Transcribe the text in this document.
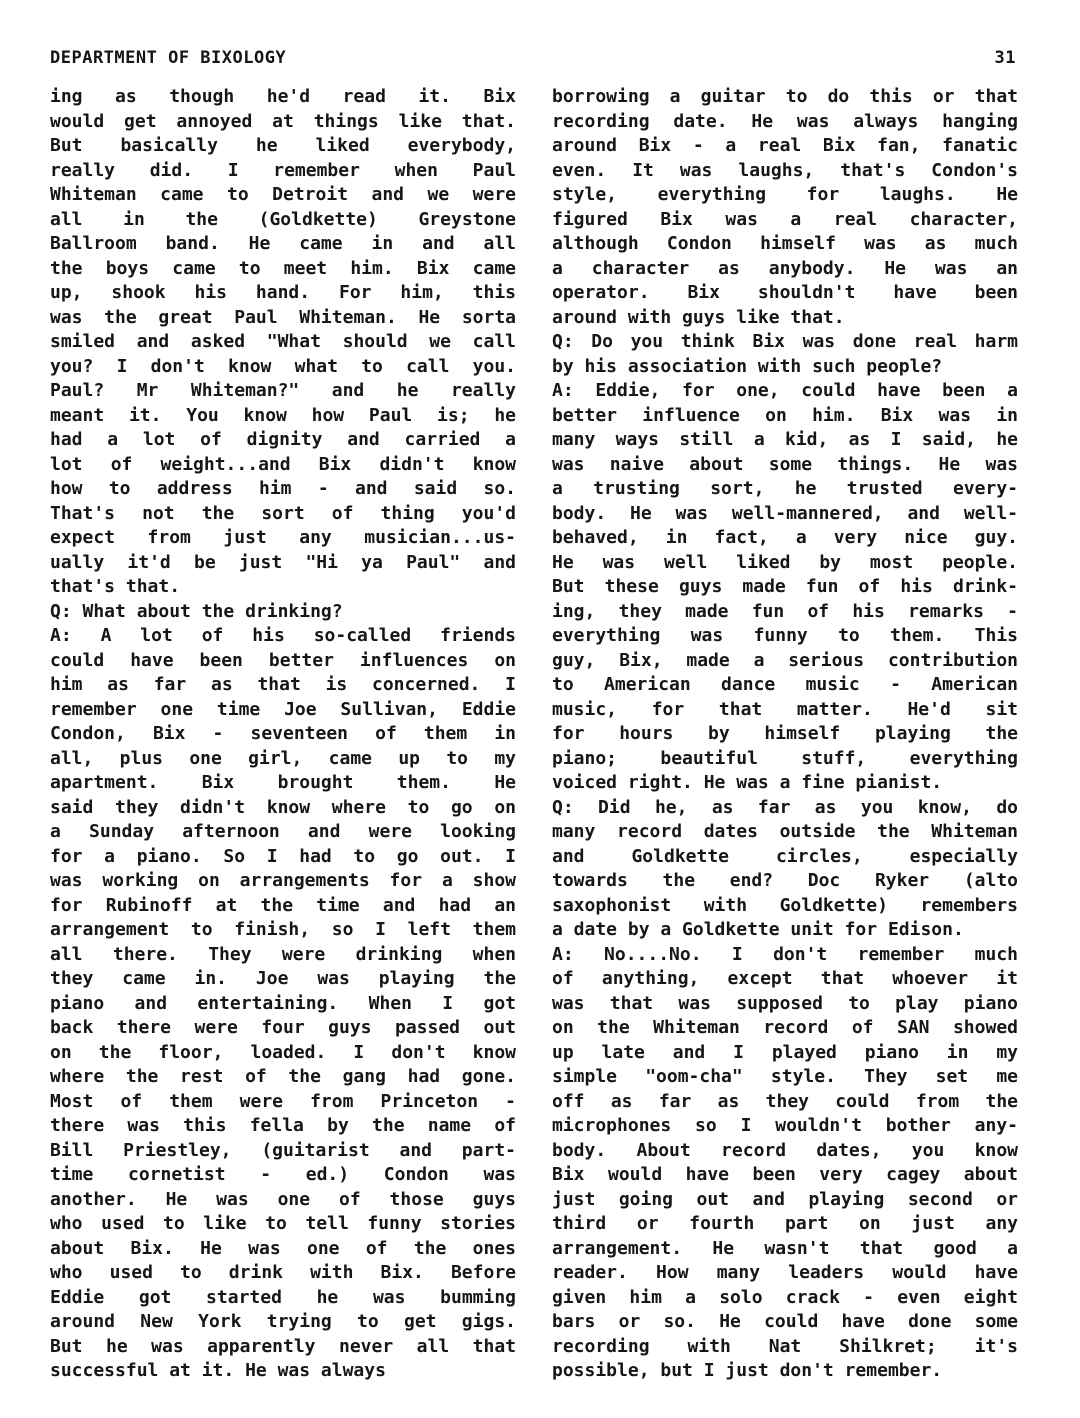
DEPARTMENT OF BIXOLOGY	31
ing as though he'd read it. Bix
would get annoyed at things like that.
But basically he liked everybody,
really did. I remember when Paul
Whiteman came to Detroit and we were
all in the (Goldkette) Greystone
Ballroom band. He came in and all
the boys came to meet him. Bix came
up, shook his hand. For him, this
was the great Paul Whiteman. He sorta
smiled and asked "What should we call
you? I don't know what to call you.
Paul? Mr Whiteman?" and he really
meant it. You know how Paul is; he
had a lot of dignity and carried a
lot of weight...and Bix didn't know
how to address him - and said so.
That's not the sort of thing you'd
expect from just any musician...us-
ually it'd be just "Hi ya Paul" and
that's that.
Q: What about the drinking?
A: A lot of his so-called friends
could have been better influences on
him as far as that is concerned. I
remember one time Joe Sullivan, Eddie
Condon, Bix - seventeen of them in
all, plus one girl, came up to my
apartment. Bix brought them. He
said they didn't know where to go on
a Sunday afternoon and were looking
for a piano. So I had to go out. I
was working on arrangements for a show
for Rubinoff at the time and had an
arrangement to finish, so I left them
all there. They were drinking when
they came in. Joe was playing the
piano and entertaining. When I got
back there were four guys passed out
on the floor, loaded. I don't know
where the rest of the gang had gone.
Most of them were from Princeton -
there was this fella by the name of
Bill Priestley, (guitarist and part-
time cornetist - ed.) Condon was
another. He was one of those guys
who used to like to tell funny stories
about Bix. He was one of the ones
who used to drink with Bix. Before
Eddie got started he was bumming
around New York trying to get gigs.
But he was apparently never all that
successful at it. He was always
borrowing a guitar to do this or that
recording date. He was always hanging
around Bix - a real Bix fan, fanatic
even. It was laughs, that's Condon's
style, everything for laughs. He
figured Bix was a real character,
although Condon himself was as much
a character as anybody. He was an
operator. Bix shouldn't have been
around with guys like that.
Q: Do you think Bix was done real harm
by his association with such people?
A: Eddie, for one, could have been a
better influence on him. Bix was in
many ways still a kid, as I said, he
was naive about some things. He was
a trusting sort, he trusted every-
body. He was well-mannered, and well-
behaved, in fact, a very nice guy.
He was well liked by most people.
But these guys made fun of his drink-
ing, they made fun of his remarks -
everything was funny to them. This
guy, Bix, made a serious contribution
to American dance music - American
music, for that matter. He'd sit
for hours by himself playing the
piano; beautiful stuff, everything
voiced right. He was a fine pianist.
Q: Did he, as far as you know, do
many record dates outside the Whiteman
and Goldkette circles, especially
towards the end? Doc Ryker (alto
saxophonist with Goldkette) remembers
a date by a Goldkette unit for Edison.
A: No....No. I don't remember much
of anything, except that whoever it
was that was supposed to play piano
on the Whiteman record of SAN showed
up late and I played piano in my
simple "oom-cha" style. They set me
off as far as they could from the
microphones so I wouldn't bother any-
body. About record dates, you know
Bix would have been very cagey about
just going out and playing second or
third or fourth part on just any
arrangement. He wasn't that good a
reader. How many leaders would have
given him a solo crack - even eight
bars or so. He could have done some
recording with Nat Shilkret; it's
possible, but I just don't remember.
